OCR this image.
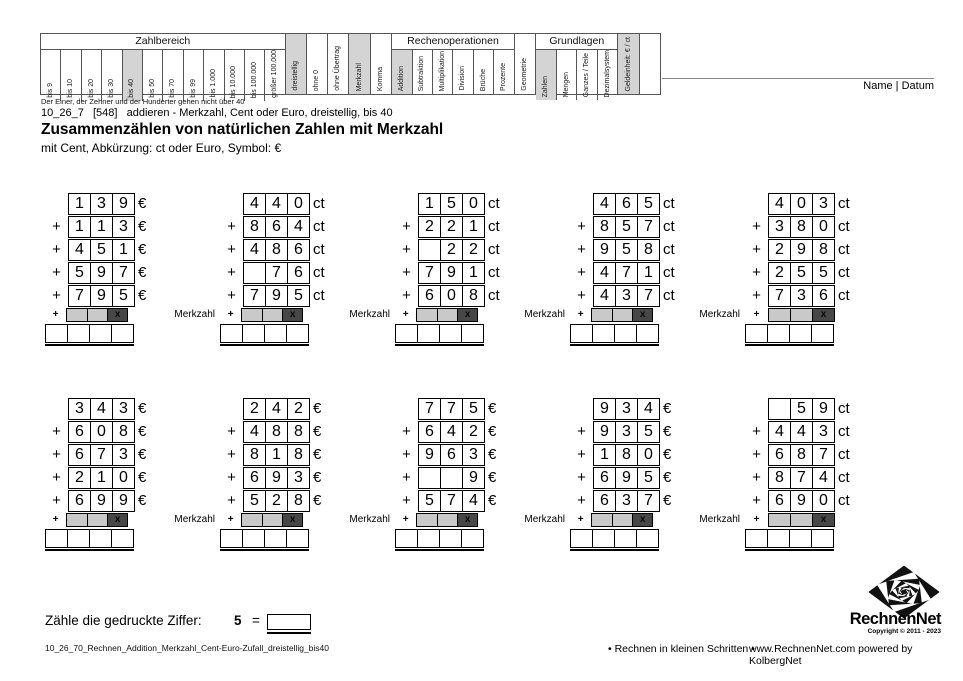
Zahlbereich
bis 9 bis 10 bis 20 bis 30 bis 40 bis 50 bis 70 bis 99 bis 1.000 bis 10.000 bis 100.000 größer 100.000 dreistellig ohne 0 ohne Übertrag Merkzahl Komma
Rechenoperationen
Addition Subtraktion Multiplikation Division Brüche Prozente Geometrie
Grundlagen
Zahlen Mengen Ganzes / Teile Dezimalsystem Geldeinheit: € / ct	Name | Datum
Der Einer, der Zehner und der Hunderter gehen nicht über 40
10_26_7   [548]   addieren - Merkzahl, Cent oder Euro, dreistellig, bis 40
Zusammenzählen von natürlichen Zahlen mit Merkzahl
mit Cent, Abkürzung: ct oder Euro, Symbol: €
1 3 9 €
+ 1 1 3 €
+ 4 5 1 €
+ 5 9 7 €
+ 7 9 5 €
+	x	Merkzahl
4 4 0 ct
+ 8 6 4 ct
+ 4 8 6 ct
+	7 6 ct
+ 7 9 5 ct
+	x	Merkzahl
1 5 0 ct
+ 2 2 1 ct
+	2 2 ct
+ 7 9 1 ct
+ 6 0 8 ct
+	x	Merkzahl
4 6 5 ct
+ 8 5 7 ct
+ 9 5 8 ct
+ 4 7 1 ct
+ 4 3 7 ct
+	x	Merkzahl
4 0 3 ct
+ 3 8 0 ct
+ 2 9 8 ct
+ 2 5 5 ct
+ 7 3 6 ct
+	x
3 4 3 €
+ 6 0 8 €
+ 6 7 3 €
+ 2 1 0 €
+ 6 9 9 €
+	x	Merkzahl
2 4 2 €
+ 4 8 8 €
+ 8 1 8 €
+ 6 9 3 €
+ 5 2 8 €
+	x	Merkzahl
7 7 5 €
+ 6 4 2 €
+ 9 6 3 €
+	9 €
+ 5 7 4 €
+	x	Merkzahl
9 3 4 €
+ 9 3 5 €
+ 1 8 0 €
+ 6 9 5 €
+ 6 3 7 €
+	x	Merkzahl
5 9 ct
+ 4 4 3 ct
+ 6 8 7 ct
+ 8 7 4 ct
+ 6 9 0 ct
+	x
Zähle die gedruckte Ziffer: 5 =
10_26_70_Rechnen_Addition_Merkzahl_Cent-Euro-Zufall_dreistellig_bis40	• Rechnen in kleinen Schritten •
www.RechnenNet.com powered by KolbergNet
RechnenNet
Copyright © 2011 - 2023
